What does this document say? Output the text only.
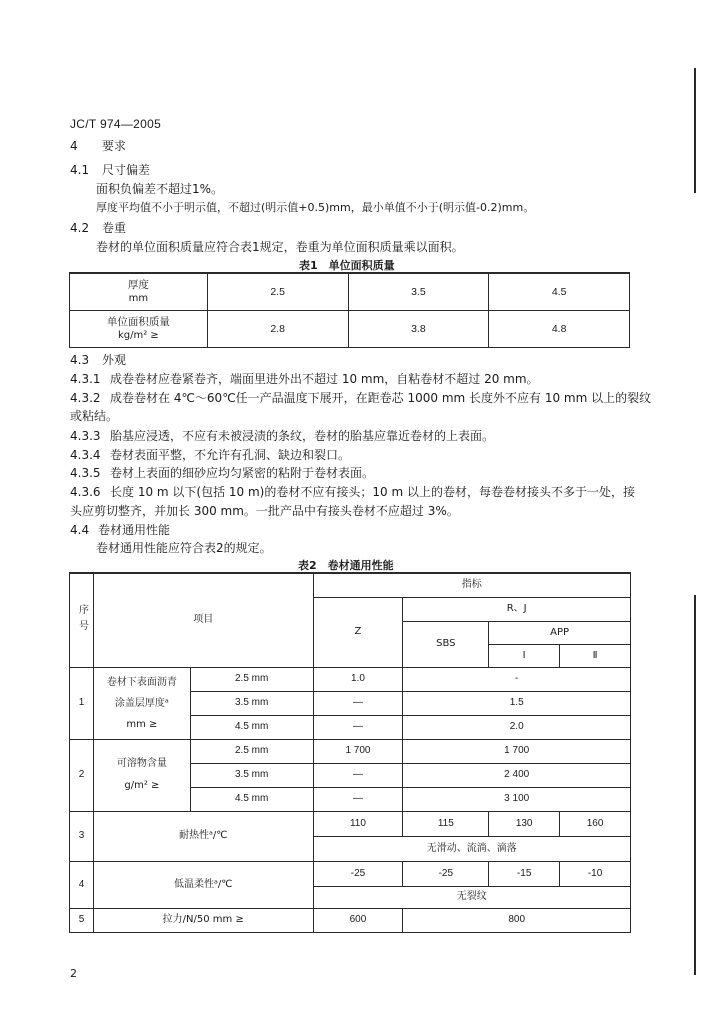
JC/T 974—2005
4 要求
4.1 尺寸偏差
面积负偏差不超过1%。
厚度平均值不小于明示值，不超过(明示值+0.5)mm，最小单值不小于(明示值-0.2)mm。
4.2 卷重
卷材的单位面积质量应符合表1规定，卷重为单位面积质量乘以面积。
表1　单位面积质量
厚度
mm	2.5	3.5	4.5

单位面积质量
kg/m² ≥	2.8	3.8	4.8
4.3 外观
4.3.1 成卷卷材应卷紧卷齐，端面里进外出不超过 10 mm，自粘卷材不超过 20 mm。
4.3.2 成卷卷材在 4℃～60℃任一产品温度下展开，在距卷芯 1000 mm 长度外不应有 10 mm 以上的裂纹
或粘结。
4.3.3 胎基应浸透，不应有未被浸渍的条纹，卷材的胎基应靠近卷材的上表面。
4.3.4 卷材表面平整，不允许有孔洞、缺边和裂口。
4.3.5 卷材上表面的细砂应均匀紧密的粘附于卷材表面。
4.3.6 长度 10 m 以下(包括 10 m)的卷材不应有接头；10 m 以上的卷材，每卷卷材接头不多于一处，接
头应剪切整齐，并加长 300 mm。一批产品中有接头卷材不应超过 3%。
4.4 卷材通用性能
卷材通用性能应符合表2的规定。
表2　卷材通用性能
序号	项目		指标			
			Z	R、J		
				SBS	APP	
					Ⅰ	Ⅱ
1	卷材下表面沥青
涂盖层厚度ᵃ
mm ≥	2.5 mm	1.0	-		
		3.5 mm	—	1.5		
		4.5 mm	—	2.0		
2	可溶物含量
g/m² ≥	2.5 mm	1 700	1 700		
		3.5 mm	—	2 400		
		4.5 mm	—	3 100		
3	耐热性ᵃ/℃		110	115	130	160
			无滑动、流淌、滴落			
4	低温柔性ᵃ/℃		-25	-25	-15	-10
			无裂纹			
5	拉力/N/50 mm ≥		600	800		
2
